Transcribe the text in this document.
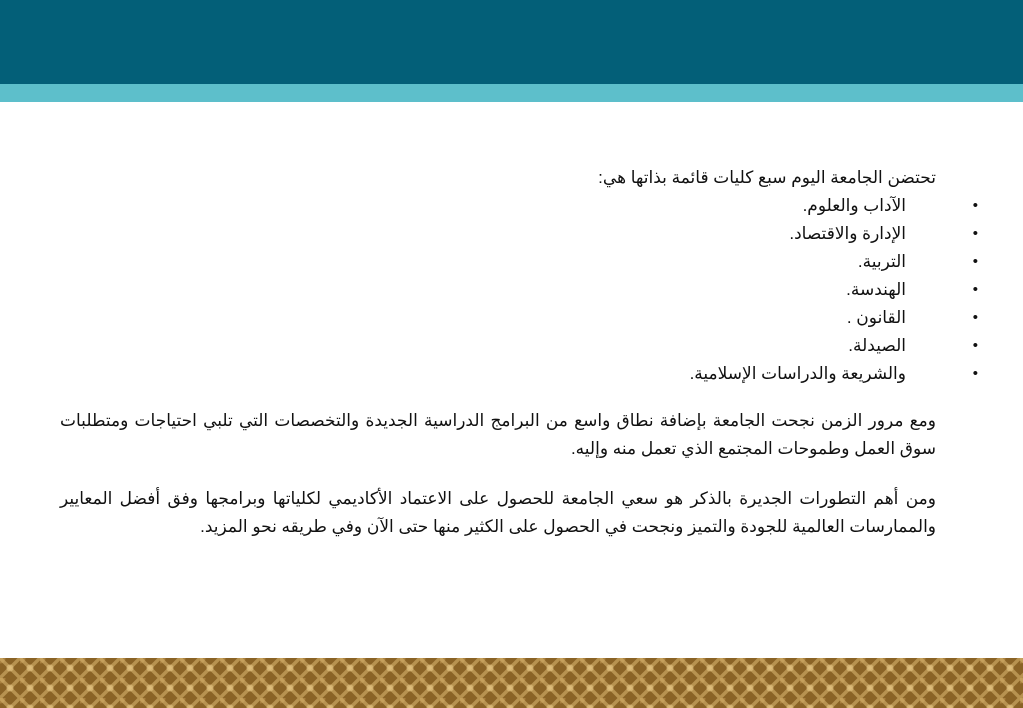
تحتضن الجامعة اليوم سبع كليات قائمة بذاتها هي:

•
الآداب والعلوم.
•
الإدارة والاقتصاد.
•
التربية.
•
الهندسة.
•
القانون .
•
الصيدلة.
•
والشريعة والدراسات الإسلامية.

ومع مرور الزمن نجحت الجامعة بإضافة نطاق واسع من البرامج الدراسية الجديدة والتخصصات التي تلبي احتياجات ومتطلبات سوق العمل وطموحات المجتمع الذي تعمل منه وإليه.

ومن أهم التطورات الجديرة بالذكر هو سعي الجامعة للحصول على الاعتماد الأكاديمي لكلياتها وبرامجها وفق أفضل المعايير والممارسات العالمية للجودة والتميز ونجحت في الحصول على الكثير منها حتى الآن وفي طريقه نحو المزيد.
